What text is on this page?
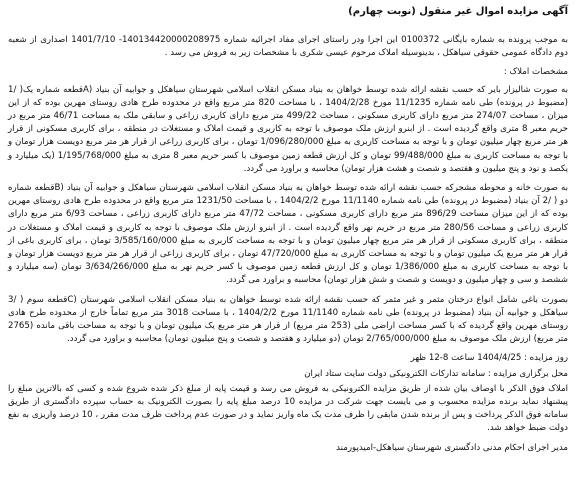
آگهی مزایده اموال غیر منقول (نوبت چهارم)

به موجب پرونده به شماره بایگانی 0100372 این اجرا ودر راستای اجرای مفاد اجرائیه شماره 140134420000208975- 1401/7/10 اصداری از شعبه دوم دادگاه عمومی حقوقی سیاهکل ، بدینوسیله املاک مرحوم عیسی شکری با مشخصات زیر به فروش می رسد .

مشخصات املاک :

به صورت شالیزار بایر که حسب نقشه ارائه شده توسط خواهان به بنیاد مسکن انقلاب اسلامی شهرستان سیاهکل و جوابیه آن بنیاد (Aقطعه شماره یک( /1 (مضبوط در پرونده) طی نامه شماره 11/1235 مورخ 1404/2/28 ، با مساحت 820 متر مربع واقع در محدوده طرح هادی روستای مهرین بوده که از این میزان ، مساحت 274/07 متر مربع دارای کاربری مسکونی ، مساحت 499/22 متر مربع دارای کاربری زراعی و سابقی ملک به مساحت 46/71 متر مربع در حریم معبر 8 متری واقع گردیده است . از ابنرو ارزش ملک موصوف با توجه به کاربری و قیمت املاک و مستغلات در منطقه ، برای کاربری مسکونی از قرار هر متر مربع چهار میلیون تومان و با توجه به مساحت کاربری به مبلغ 1/096/280/000 تومان ، برای کاربری زراعی از قرار هر متر مربع دویست هزار تومان و با توجه به مساحت کاربری به مبلغ 99/488/000 تومان و کل ارزش قطعه زمین موصوف با کسر حریم معبر 8 متری به مبلغ 1/195/768/000 (یک میلیارد و یکصد و نود و پنج میلیون و هفتصد و شصت و هشت هزار تومان) محاسبه و براورد می گردد.

به صورت خانه و محوطه مشجرکه حسب نقشه ارائه شده توسط خواهان به بنیاد مسکن انقلاب اسلامی شهرستان سیاهکل و جوابیه آن بنیاد (Bقطعه شماره دو ( /2 آن بنیاد (مضبوط در پرونده) طی نامه شماره 11/1140 مورخ 1404/2/2 ، با مساحت 1231/50 متر مربع واقع در محدوده طرح هادی روستای مهرین بوده که از این میزان مساحت 896/29 متر مربع دارای کاربری مسکونی ، مساحت 47/72 متر مربع دارای کاربری زراعی ، مساحت 6/93 متر مربع دارای کاربری زراعی و مساحت 280/56 متر مربع در حریم نهر واقع گردیده است . از ابنرو ارزش ملک موصوف با توجه به کاربری و قیمت املاک و مستغلات در منطقه ، برای کاربری مسکونی از قرار هر متر مربع چهار میلیون تومان و با توجه به مساحت کاربری به مبلغ 3/585/160/000 تومان ، برای کاربری باغی از قرار هر متر مربع یک میلیون تومان و با توجه به مساحت کاربری به مبلغ 47/720/000 تومان ، برای کاربری زراعی از قرار هر متر مربع دویست هزار تومان و با توجه به مساحت کاربری به مبلغ 1/386/000 تومان و کل ارزش قطعه زمین موصوف با کسر حریم نهر به مبلغ 3/634/266/000 تومان (سه میلیارد و ششصد و سی و چهار میلیون و دویست و شصت و شش هزار تومان) محاسبه و براورد می گردد.

بصورت باغی شامل انواع درختان مثمر و غیر مثمر که حسب نقشه ارائه شده توسط خواهان به بنیاد مسکن انقلاب اسلامی شهرستان (Cقطعه سوم ( /3 سیاهکل و جوابیه آن بنیاد (مضبوط در پرونده) طی نامه شماره 11/1140 مورخ 1404/2/2 ، با مساحت 3018 متر مربع تماماً خارج از محدوده طرح هادی روستای مهرین واقع گردیده که با کسر مساحت اراضی ملی (253 متر مربع) از قرار هر متر مربع یک میلیون تومان و با توجه به مساحت باقی مانده (2765 متر مربع) ارزش ملک موصوف به مبلغ 2/765/000/000 تومان (دو میلیارد و هفتصد و شصت و پنج میلیون تومان) محاسبه و براورد می گردد.

روز مزایده : 1404/4/25 ساعت 8-12 ظهر

محل برگزاری مزایده : سامانه تدارکات الکترونیکی دولت سایت ستاد ایران

املاک فوق الذکر با اوصاف بیان شده از طریق مزایده الکترونیکی به فروش می رسد و قیمت پایه از مبلغ ذکر شده شروع شده و کسی که بالاترین مبلغ را پیشنهاد نماید برنده مزایده محسوب و می بایست جهت شرکت در مزایده 10 درصد مبلغ پایه را بصورت الکترونیک به حساب سپرده دادگستری از طریق سامانه فوق الذکر پرداخت و پس از برنده شدن مابقی را ظرف مدت یک ماه واریز نماید و در صورت عدم پرداخت ظرف مدت مقرر ، 10 درصد واریزی به نفع دولت ضبط خواهد شد.

مدیر اجرای احکام مدنی دادگستری شهرستان سیاهکل-امیدپورمند
